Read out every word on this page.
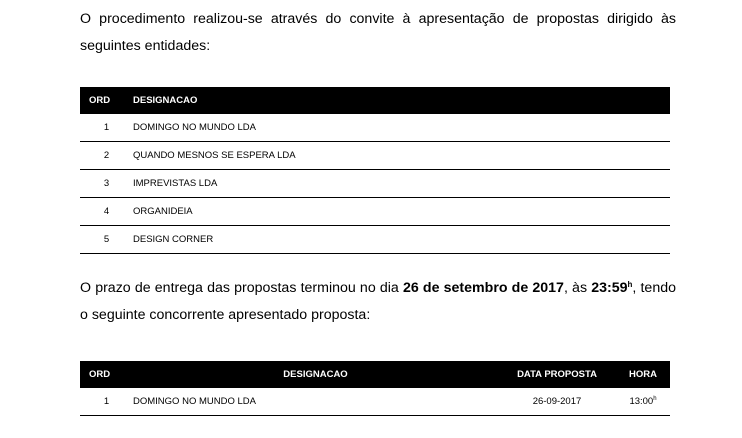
O procedimento realizou-se através do convite à apresentação de propostas dirigido às seguintes entidades:

ORD	DESIGNACAO
1	DOMINGO NO MUNDO LDA
2	QUANDO MESNOS SE ESPERA LDA
3	IMPREVISTAS LDA
4	ORGANIDEIA
5	DESIGN CORNER

O prazo de entrega das propostas terminou no dia 26 de setembro de 2017, às 23:59$^h$, tendo o seguinte concorrente apresentado proposta:

ORD	DESIGNACAO	DATA PROPOSTA	HORA
1	DOMINGO NO MUNDO LDA	26-09-2017	13:00$^h$
